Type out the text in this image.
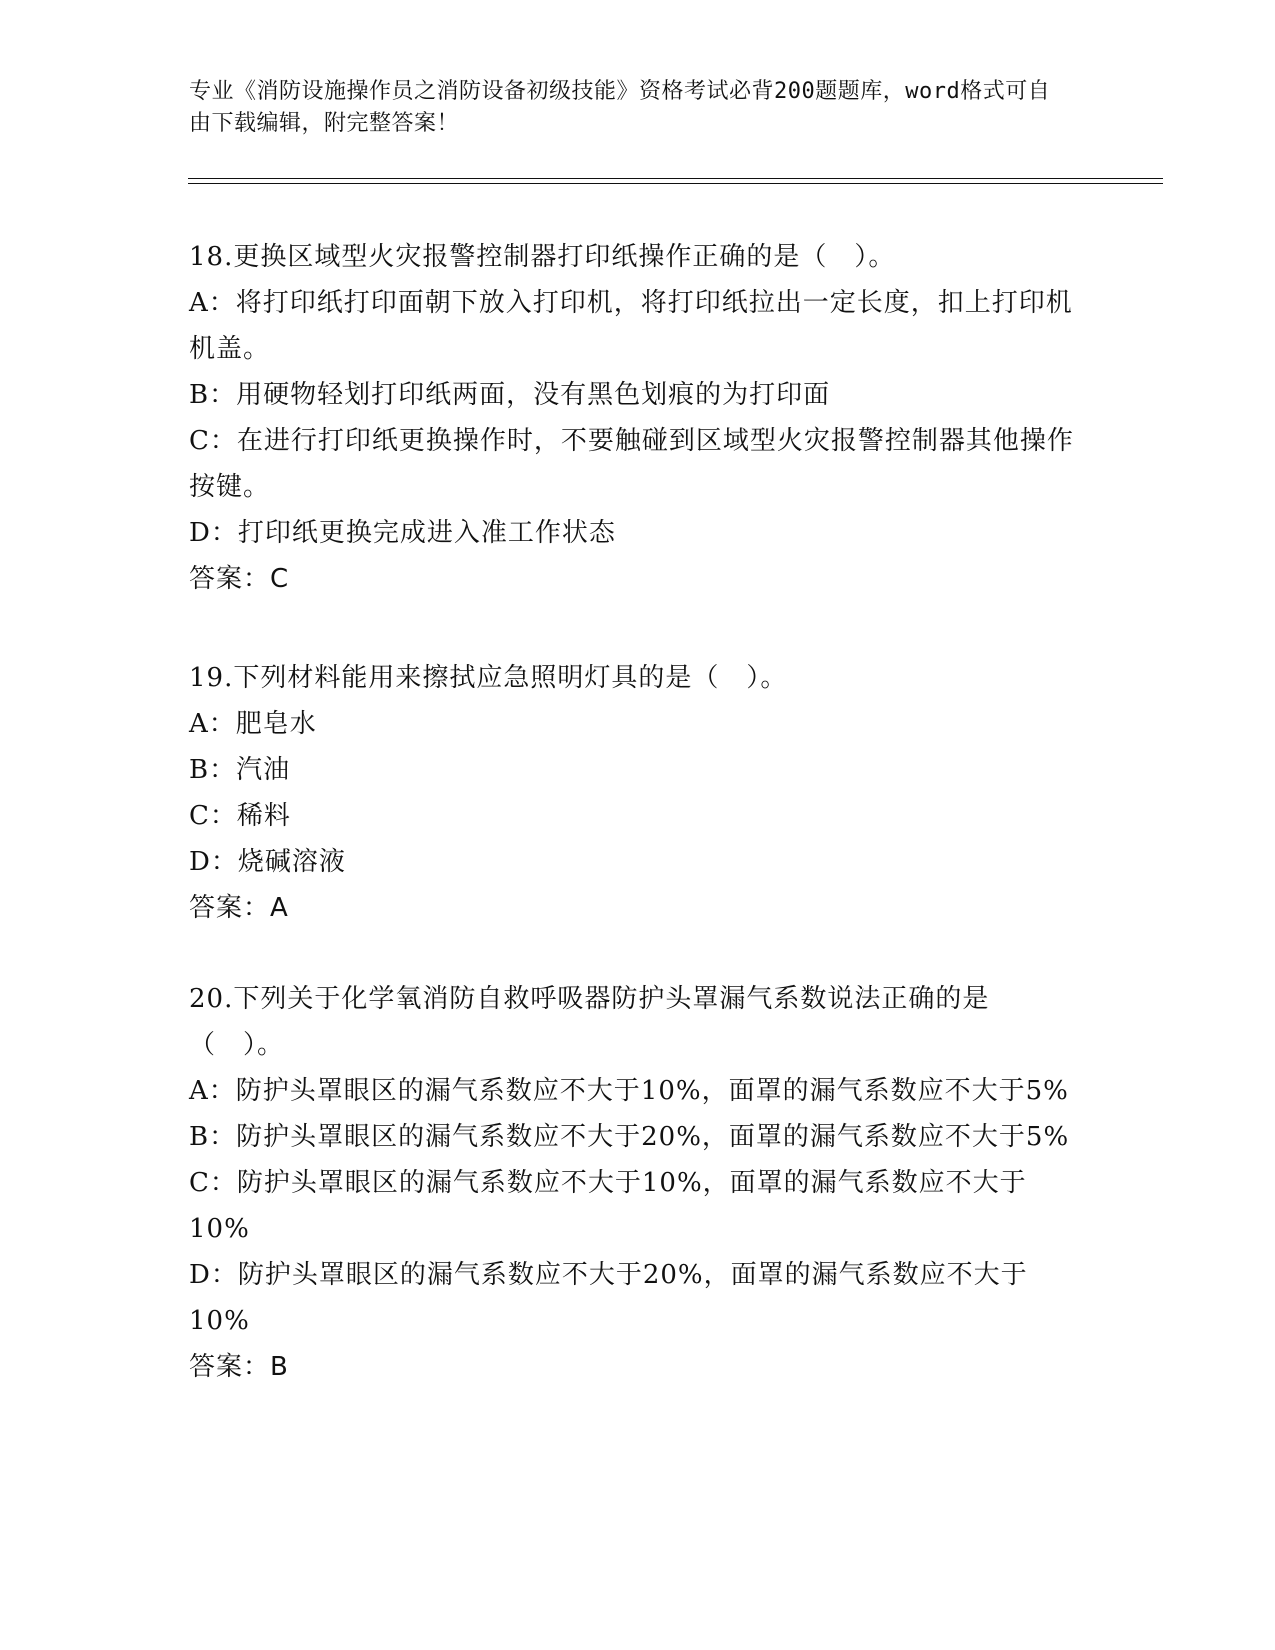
专业《消防设施操作员之消防设备初级技能》资格考试必背200题题库，word格式可自由下载编辑，附完整答案！
18.更换区域型火灾报警控制器打印纸操作正确的是（　）。
A：将打印纸打印面朝下放入打印机，将打印纸拉出一定长度，扣上打印机机盖。
B：用硬物轻划打印纸两面，没有黑色划痕的为打印面
C：在进行打印纸更换操作时，不要触碰到区域型火灾报警控制器其他操作按键。
D：打印纸更换完成进入准工作状态
答案：C
19.下列材料能用来擦拭应急照明灯具的是（　）。
A：肥皂水
B：汽油
C：稀料
D：烧碱溶液
答案：A
20.下列关于化学氧消防自救呼吸器防护头罩漏气系数说法正确的是（　）。
A：防护头罩眼区的漏气系数应不大于10%，面罩的漏气系数应不大于5%
B：防护头罩眼区的漏气系数应不大于20%，面罩的漏气系数应不大于5%
C：防护头罩眼区的漏气系数应不大于10%，面罩的漏气系数应不大于10%
D：防护头罩眼区的漏气系数应不大于20%，面罩的漏气系数应不大于10%
答案：B
